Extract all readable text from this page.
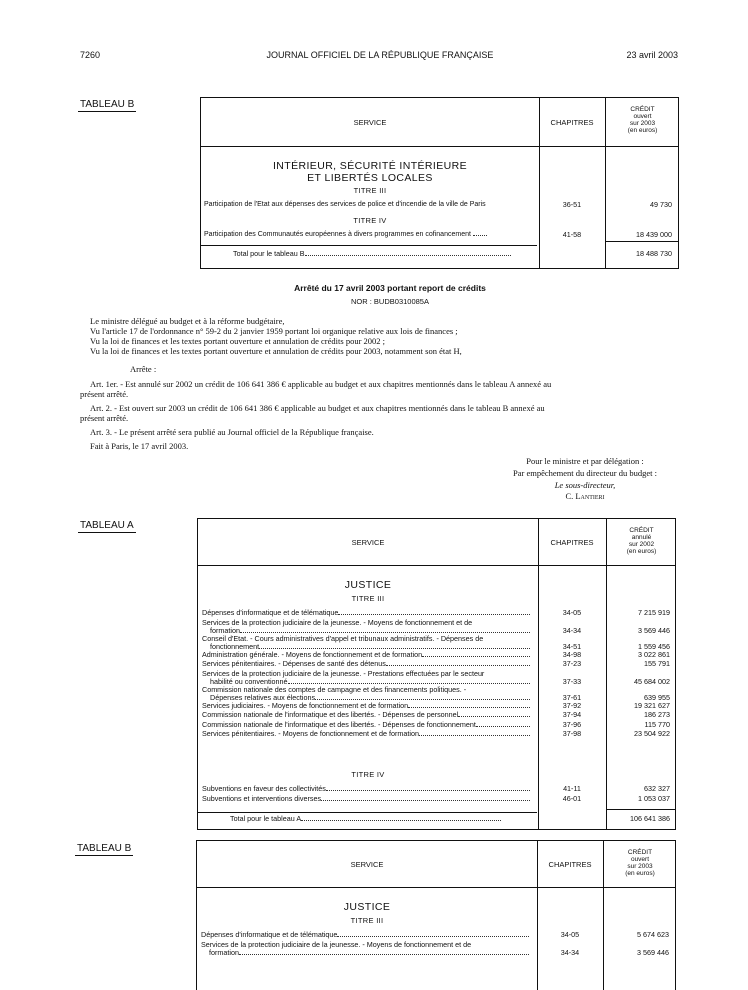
7260	JOURNAL OFFICIEL DE LA RÉPUBLIQUE FRANÇAISE	23 avril 2003
TABLEAU B
SERVICE	CHAPITRES
CRÉDIT
ouvert
sur 2003
(en euros)
INTÉRIEUR, SÉCURITÉ INTÉRIEURE
ET LIBERTÉS LOCALES
TITRE III
Participation de l'Etat aux dépenses des services de police et d'incendie de la ville de Paris	36-51	49 730
TITRE IV
Participation des Communautés européennes à divers programmes en cofinancement	41-58	18 439 000
Total pour le tableau B	18 488 730
Arrêté du 17 avril 2003 portant report de crédits
NOR : BUDB0310085A
Le ministre délégué au budget et à la réforme budgétaire,
Vu l'article 17 de l'ordonnance n° 59-2 du 2 janvier 1959 portant loi organique relative aux lois de finances ;
Vu la loi de finances et les textes portant ouverture et annulation de crédits pour 2002 ;
Vu la loi de finances et les textes portant ouverture et annulation de crédits pour 2003, notamment son état H,
Arrête :
Art. 1er. - Est annulé sur 2002 un crédit de 106 641 386 € applicable au budget et aux chapitres mentionnés dans le tableau A annexé au
présent arrêté.
Art. 2. - Est ouvert sur 2003 un crédit de 106 641 386 € applicable au budget et aux chapitres mentionnés dans le tableau B annexé au
présent arrêté.
Art. 3. - Le présent arrêté sera publié au Journal officiel de la République française.
Fait à Paris, le 17 avril 2003.
Pour le ministre et par délégation :
Par empêchement du directeur du budget :
Le sous-directeur,
C. Lantieri
TABLEAU A
SERVICE	CHAPITRES
CRÉDIT
annulé
sur 2002
(en euros)
JUSTICE
TITRE III
Dépenses d'informatique et de télématique	34-05	7 215 919
Services de la protection judiciaire de la jeunesse. - Moyens de fonctionnement et de
formation	34-34	3 569 446
Conseil d'Etat. - Cours administratives d'appel et tribunaux administratifs. - Dépenses de
fonctionnement	34-51	1 559 456
Administration générale. - Moyens de fonctionnement et de formation	34-98	3 022 861
Services pénitentiaires. - Dépenses de santé des détenus	37-23	155 791
Services de la protection judiciaire de la jeunesse. - Prestations effectuées par le secteur
habilité ou conventionné	37-33	45 684 002
Commission nationale des comptes de campagne et des financements politiques. -
Dépenses relatives aux élections	37-61	639 955
Services judiciaires. - Moyens de fonctionnement et de formation	37-92	19 321 627
Commission nationale de l'informatique et des libertés. - Dépenses de personnel	37-94	186 273
Commission nationale de l'informatique et des libertés. - Dépenses de fonctionnement	37-96	115 770
Services pénitentiaires. - Moyens de fonctionnement et de formation	37-98	23 504 922
TITRE IV
Subventions en faveur des collectivités	41-11	632 327
Subventions et interventions diverses	46-01	1 053 037
Total pour le tableau A	106 641 386
TABLEAU B
SERVICE	CHAPITRES
CRÉDIT
ouvert
sur 2003
(en euros)
JUSTICE
TITRE III
Dépenses d'informatique et de télématique	34-05	5 674 623
Services de la protection judiciaire de la jeunesse. - Moyens de fonctionnement et de
formation	34-34	3 569 446
